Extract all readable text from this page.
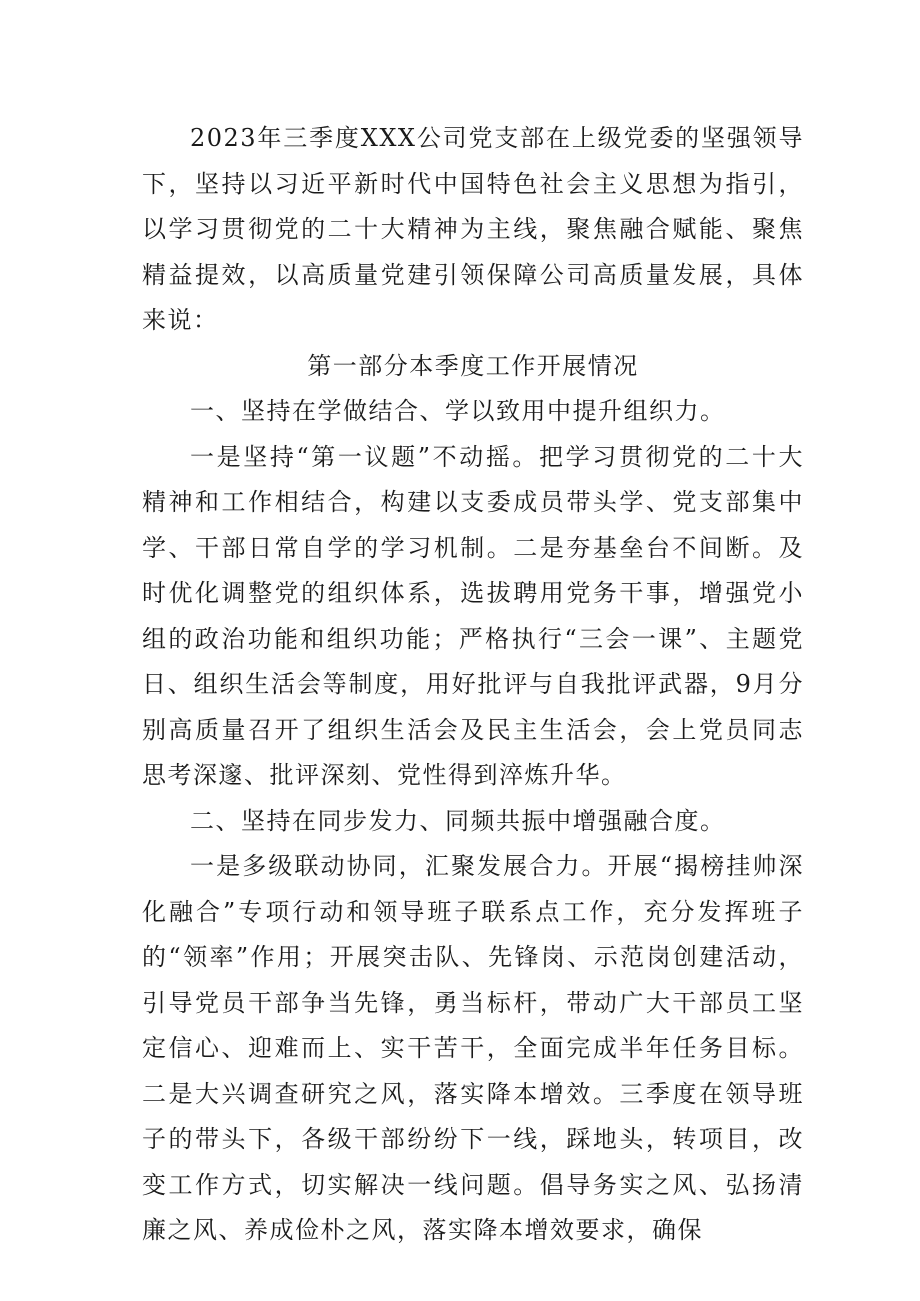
2023年三季度XXX公司党支部在上级党委的坚强领导下，坚持以习近平新时代中国特色社会主义思想为指引，以学习贯彻党的二十大精神为主线，聚焦融合赋能、聚焦精益提效，以高质量党建引领保障公司高质量发展，具体来说：

第一部分本季度工作开展情况

一、坚持在学做结合、学以致用中提升组织力。

一是坚持“第一议题”不动摇。把学习贯彻党的二十大精神和工作相结合，构建以支委成员带头学、党支部集中学、干部日常自学的学习机制。二是夯基垒台不间断。及时优化调整党的组织体系，选拔聘用党务干事，增强党小组的政治功能和组织功能；严格执行“三会一课”、主题党日、组织生活会等制度，用好批评与自我批评武器，9月分别高质量召开了组织生活会及民主生活会，会上党员同志思考深邃、批评深刻、党性得到淬炼升华。

二、坚持在同步发力、同频共振中增强融合度。

一是多级联动协同，汇聚发展合力。开展“揭榜挂帅深化融合”专项行动和领导班子联系点工作，充分发挥班子的“领率”作用；开展突击队、先锋岗、示范岗创建活动，引导党员干部争当先锋，勇当标杆，带动广大干部员工坚定信心、迎难而上、实干苦干，全面完成半年任务目标。二是大兴调查研究之风，落实降本增效。三季度在领导班子的带头下，各级干部纷纷下一线，踩地头，转项目，改变工作方式，切实解决一线问题。倡导务实之风、弘扬清廉之风、养成俭朴之风，落实降本增效要求，确保
